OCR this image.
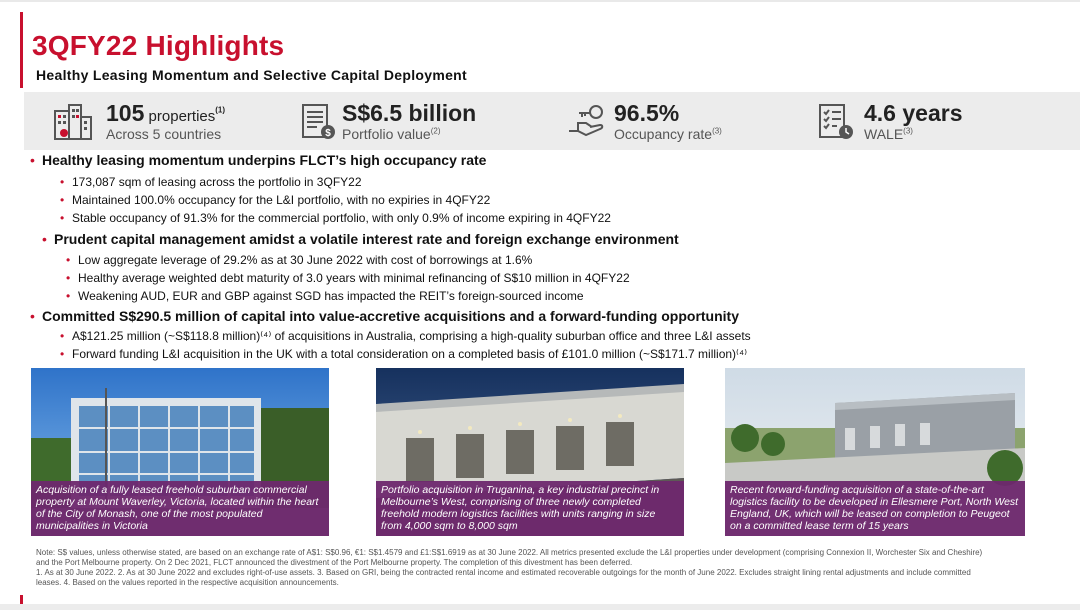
3QFY22 Highlights
Healthy Leasing Momentum and Selective Capital Deployment
105 properties$^{(1)}$
Across 5 countries	$
S$6.5 billion
Portfolio value$^{(2)}$
96.5%
Occupancy rate$^{(3)}$
4.6 years
WALE$^{(3)}$
• Healthy leasing momentum underpins FLCT’s high occupancy rate
• 173,087 sqm of leasing across the portfolio in 3QFY22
• Maintained 100.0% occupancy for the L&I portfolio, with no expiries in 4QFY22
• Stable occupancy of 91.3% for the commercial portfolio, with only 0.9% of income expiring in 4QFY22
• Prudent capital management amidst a volatile interest rate and foreign exchange environment
• Low aggregate leverage of 29.2% as at 30 June 2022 with cost of borrowings at 1.6%
• Healthy average weighted debt maturity of 3.0 years with minimal refinancing of S$10 million in 4QFY22
• Weakening AUD, EUR and GBP against SGD has impacted the REIT’s foreign-sourced income
• Committed S$290.5 million of capital into value-accretive acquisitions and a forward-funding opportunity
• A$121.25 million (~S$118.8 million)⁽⁴⁾ of acquisitions in Australia, comprising a high-quality suburban office and three L&I assets
• Forward funding L&I acquisition in the UK with a total consideration on a completed basis of £101.0 million (~S$171.7 million)⁽⁴⁾
Acquisition of a fully leased freehold suburban commercial property at Mount Waverley, Victoria, located within the heart of the City of Monash, one of the most populated municipalities in Victoria
Portfolio acquisition in Truganina, a key industrial precinct in Melbourne’s West, comprising of three newly completed freehold modern logistics facilities with units ranging in size from 4,000 sqm to 8,000 sqm
Recent forward-funding acquisition of a state-of-the-art logistics facility to be developed in Ellesmere Port, North West England, UK, which will be leased on completion to Peugeot on a committed lease term of 15 years
Note: S$ values, unless otherwise stated, are based on an exchange rate of A$1: S$0.96, €1: S$1.4579 and £1:S$1.6919 as at 30 June 2022. All metrics presented exclude the L&I properties under development (comprising Connexion II, Worchester Six and Cheshire) and the Port Melbourne property. On 2 Dec 2021, FLCT announced the divestment of the Port Melbourne property. The completion of this divestment has been deferred.
1. As at 30 June 2022. 2. As at 30 June 2022 and excludes right-of-use assets. 3. Based on GRI, being the contracted rental income and estimated recoverable outgoings for the month of June 2022. Excludes straight lining rental adjustments and include committed leases. 4. Based on the values reported in the respective acquisition announcements.	4
